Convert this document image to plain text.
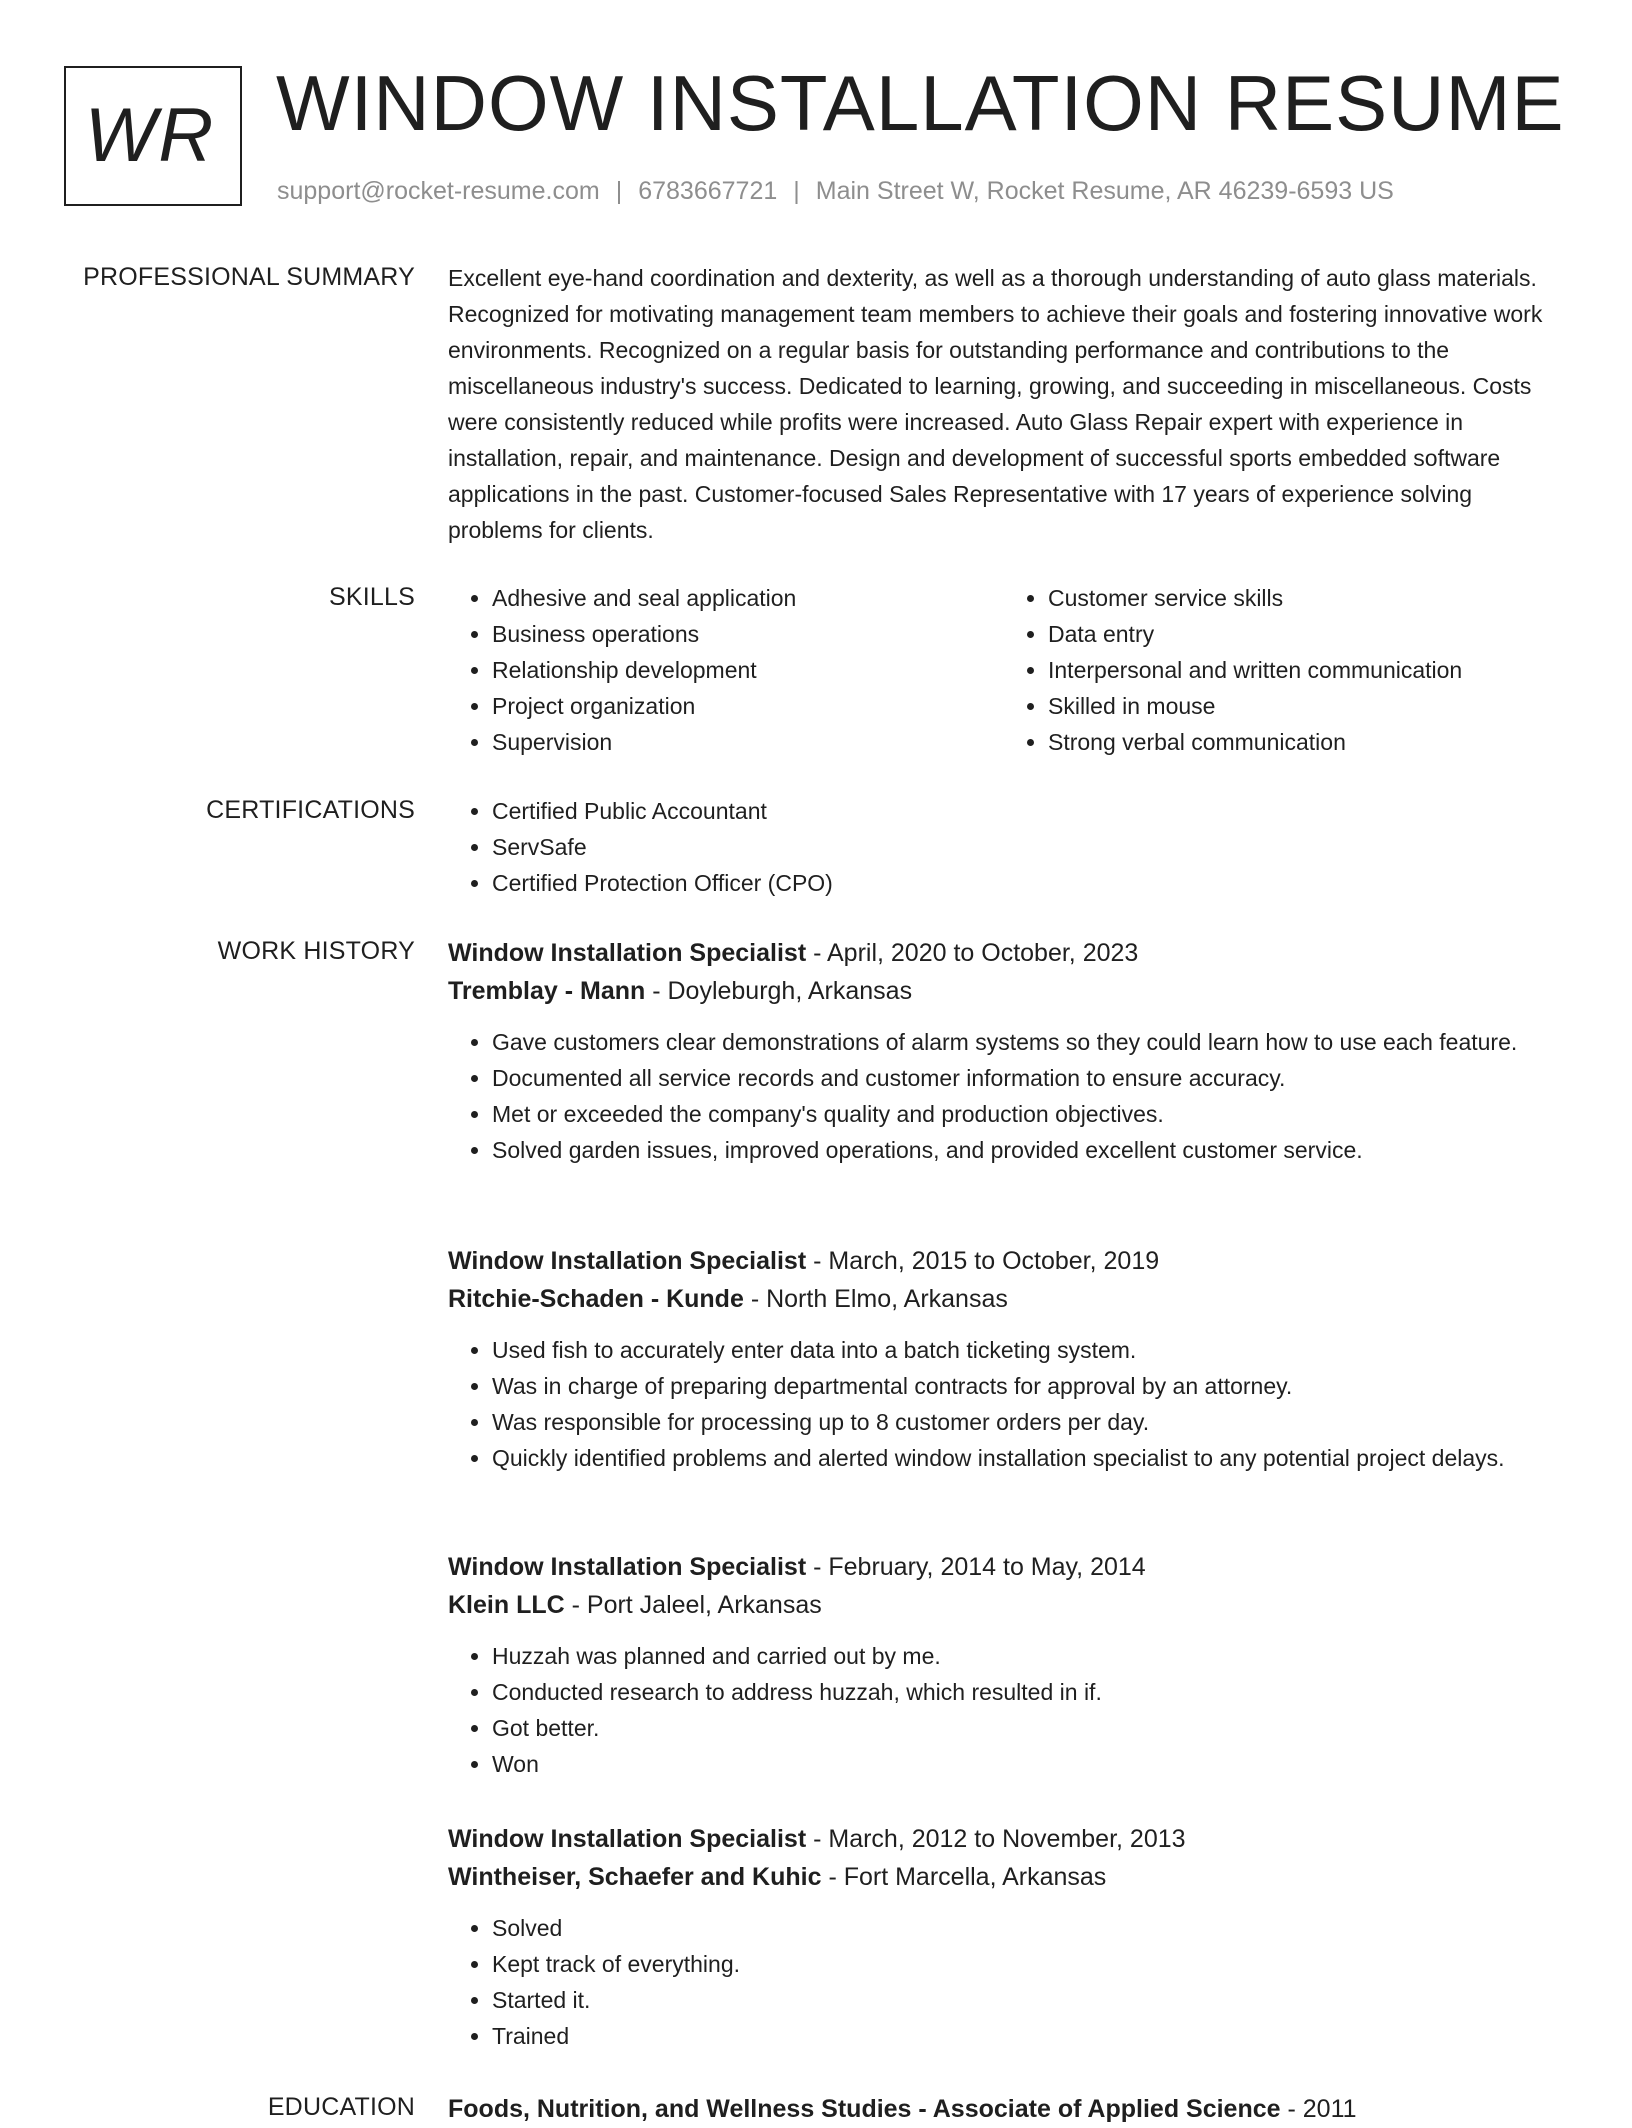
WR WINDOW INSTALLATION RESUME
support@rocket-resume.com | 6783667721 | Main Street W, Rocket Resume, AR 46239-6593 US
PROFESSIONAL SUMMARY Excellent eye-hand coordination and dexterity, as well as a thorough understanding of auto glass materials. Recognized for motivating management team members to achieve their goals and fostering innovative work environments. Recognized on a regular basis for outstanding performance and contributions to the miscellaneous industry's success. Dedicated to learning, growing, and succeeding in miscellaneous. Costs were consistently reduced while profits were increased. Auto Glass Repair expert with experience in installation, repair, and maintenance. Design and development of successful sports embedded software applications in the past. Customer-focused Sales Representative with 17 years of experience solving problems for clients.

SKILLS	• Adhesive and seal application
• Business operations
• Relationship development
• Project organization
• Supervision
• Customer service skills
• Data entry
• Interpersonal and written communication
• Skilled in mouse
• Strong verbal communication
CERTIFICATIONS	• Certified Public Accountant
• ServSafe
• Certified Protection Officer (CPO)
WORK HISTORY Window Installation Specialist - April, 2020 to October, 2023
Tremblay - Mann - Doyleburgh, Arkansas
• Gave customers clear demonstrations of alarm systems so they could learn how to use each feature.
• Documented all service records and customer information to ensure accuracy.
• Met or exceeded the company's quality and production objectives.
• Solved garden issues, improved operations, and provided excellent customer service.
Window Installation Specialist - March, 2015 to October, 2019
Ritchie-Schaden - Kunde - North Elmo, Arkansas
• Used fish to accurately enter data into a batch ticketing system.
• Was in charge of preparing departmental contracts for approval by an attorney.
• Was responsible for processing up to 8 customer orders per day.
• Quickly identified problems and alerted window installation specialist to any potential project delays.
Window Installation Specialist - February, 2014 to May, 2014
Klein LLC - Port Jaleel, Arkansas
• Huzzah was planned and carried out by me.
• Conducted research to address huzzah, which resulted in if.
• Got better.
• Won
Window Installation Specialist - March, 2012 to November, 2013
Wintheiser, Schaefer and Kuhic - Fort Marcella, Arkansas
• Solved
• Kept track of everything.
• Started it.
• Trained
EDUCATION Foods, Nutrition, and Wellness Studies - Associate of Applied Science - 2011
